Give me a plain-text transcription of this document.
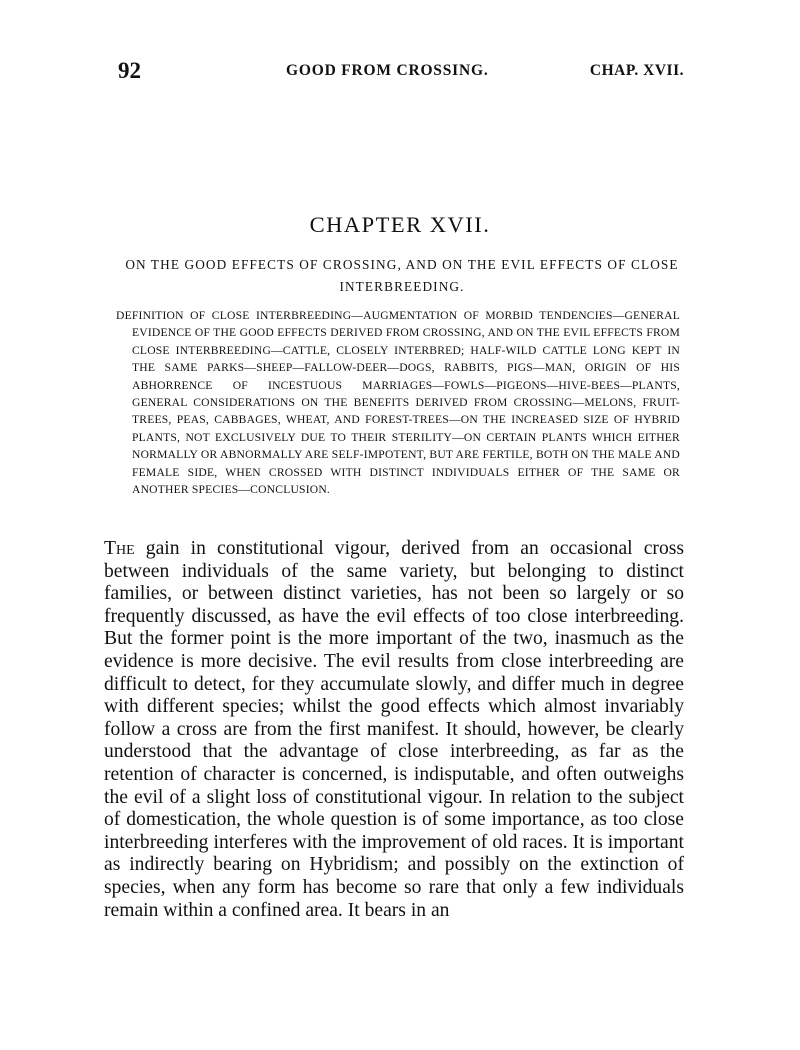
92	GOOD FROM CROSSING.	CHAP. XVII.
CHAPTER XVII.
ON THE GOOD EFFECTS OF CROSSING, AND ON THE EVIL EFFECTS OF CLOSE INTERBREEDING.
DEFINITION OF CLOSE INTERBREEDING—AUGMENTATION OF MORBID TENDENCIES—GENERAL EVIDENCE OF THE GOOD EFFECTS DERIVED FROM CROSSING, AND ON THE EVIL EFFECTS FROM CLOSE INTERBREEDING—CATTLE, CLOSELY INTERBRED; HALF-WILD CATTLE LONG KEPT IN THE SAME PARKS—SHEEP—FALLOW-DEER—DOGS, RABBITS, PIGS—MAN, ORIGIN OF HIS ABHORRENCE OF INCESTUOUS MARRIAGES—FOWLS—PIGEONS—HIVE-BEES—PLANTS, GENERAL CONSIDERATIONS ON THE BENEFITS DERIVED FROM CROSSING—MELONS, FRUIT-TREES, PEAS, CABBAGES, WHEAT, AND FOREST-TREES—ON THE INCREASED SIZE OF HYBRID PLANTS, NOT EXCLUSIVELY DUE TO THEIR STERILITY—ON CERTAIN PLANTS WHICH EITHER NORMALLY OR ABNORMALLY ARE SELF-IMPOTENT, BUT ARE FERTILE, BOTH ON THE MALE AND FEMALE SIDE, WHEN CROSSED WITH DISTINCT INDIVIDUALS EITHER OF THE SAME OR ANOTHER SPECIES—CONCLUSION.
The gain in constitutional vigour, derived from an occasional cross between individuals of the same variety, but belonging to distinct families, or between distinct varieties, has not been so largely or so frequently discussed, as have the evil effects of too close interbreeding. But the former point is the more important of the two, inasmuch as the evidence is more decisive. The evil results from close interbreeding are difficult to detect, for they accumulate slowly, and differ much in degree with different species; whilst the good effects which almost invariably follow a cross are from the first manifest. It should, however, be clearly understood that the advantage of close interbreeding, as far as the retention of character is concerned, is indisputable, and often outweighs the evil of a slight loss of constitutional vigour. In relation to the subject of domestication, the whole question is of some importance, as too close interbreeding interferes with the improvement of old races. It is important as indirectly bearing on Hybridism; and possibly on the extinction of species, when any form has become so rare that only a few individuals remain within a confined area. It bears in an
